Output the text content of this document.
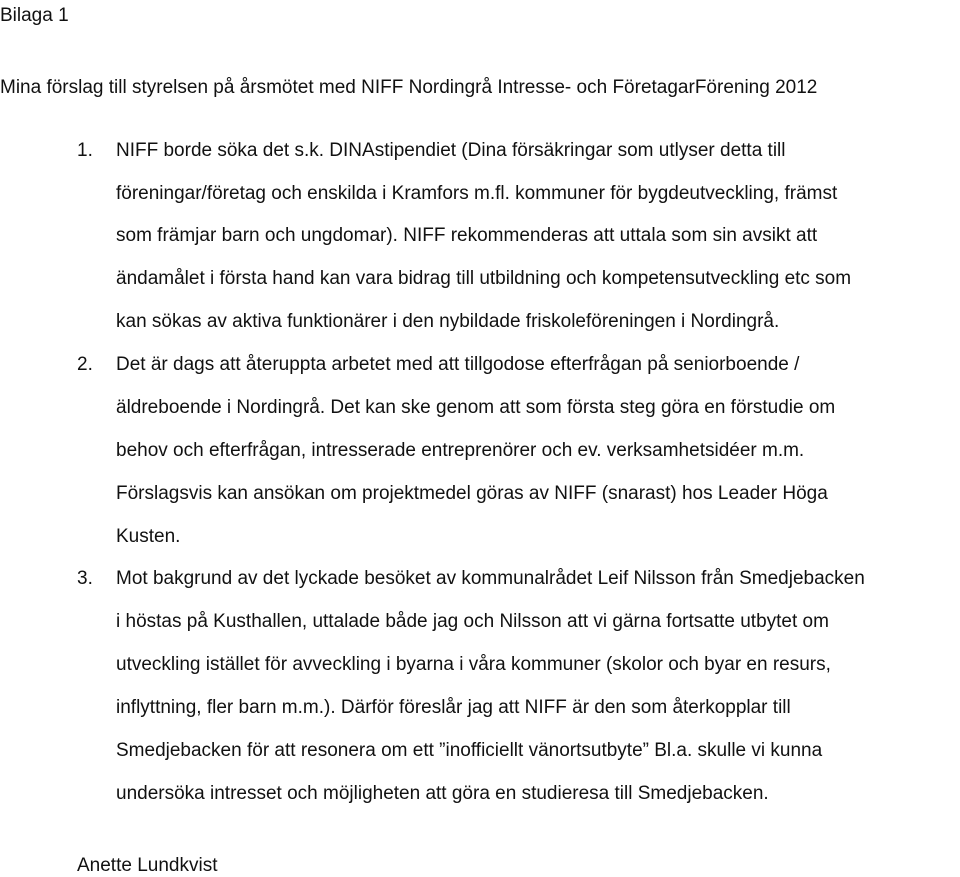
Bilaga 1
Mina förslag till styrelsen på årsmötet med NIFF Nordingrå Intresse- och FöretagarFörening 2012
1. NIFF borde söka det s.k. DINAstipendiet (Dina försäkringar som utlyser detta till
föreningar/företag och enskilda i Kramfors m.fl. kommuner för bygdeutveckling, främst
som främjar barn och ungdomar). NIFF rekommenderas att uttala som sin avsikt att
ändamålet i första hand kan vara bidrag till utbildning och kompetensutveckling etc som
kan sökas av aktiva funktionärer i den nybildade friskoleföreningen i Nordingrå.
2. Det är dags att återuppta arbetet med att tillgodose efterfrågan på seniorboende /
äldreboende i Nordingrå. Det kan ske genom att som första steg göra en förstudie om
behov och efterfrågan, intresserade entreprenörer och ev. verksamhetsidéer m.m.
Förslagsvis kan ansökan om projektmedel göras av NIFF (snarast) hos Leader Höga
Kusten.
3. Mot bakgrund av det lyckade besöket av kommunalrådet Leif Nilsson från Smedjebacken
i höstas på Kusthallen, uttalade både jag och Nilsson att vi gärna fortsatte utbytet om
utveckling istället för avveckling i byarna i våra kommuner (skolor och byar en resurs,
inflyttning, fler barn m.m.). Därför föreslår jag att NIFF är den som återkopplar till
Smedjebacken för att resonera om ett ”inofficiellt vänortsutbyte” Bl.a. skulle vi kunna
undersöka intresset och möjligheten att göra en studieresa till Smedjebacken.
Anette Lundkvist
